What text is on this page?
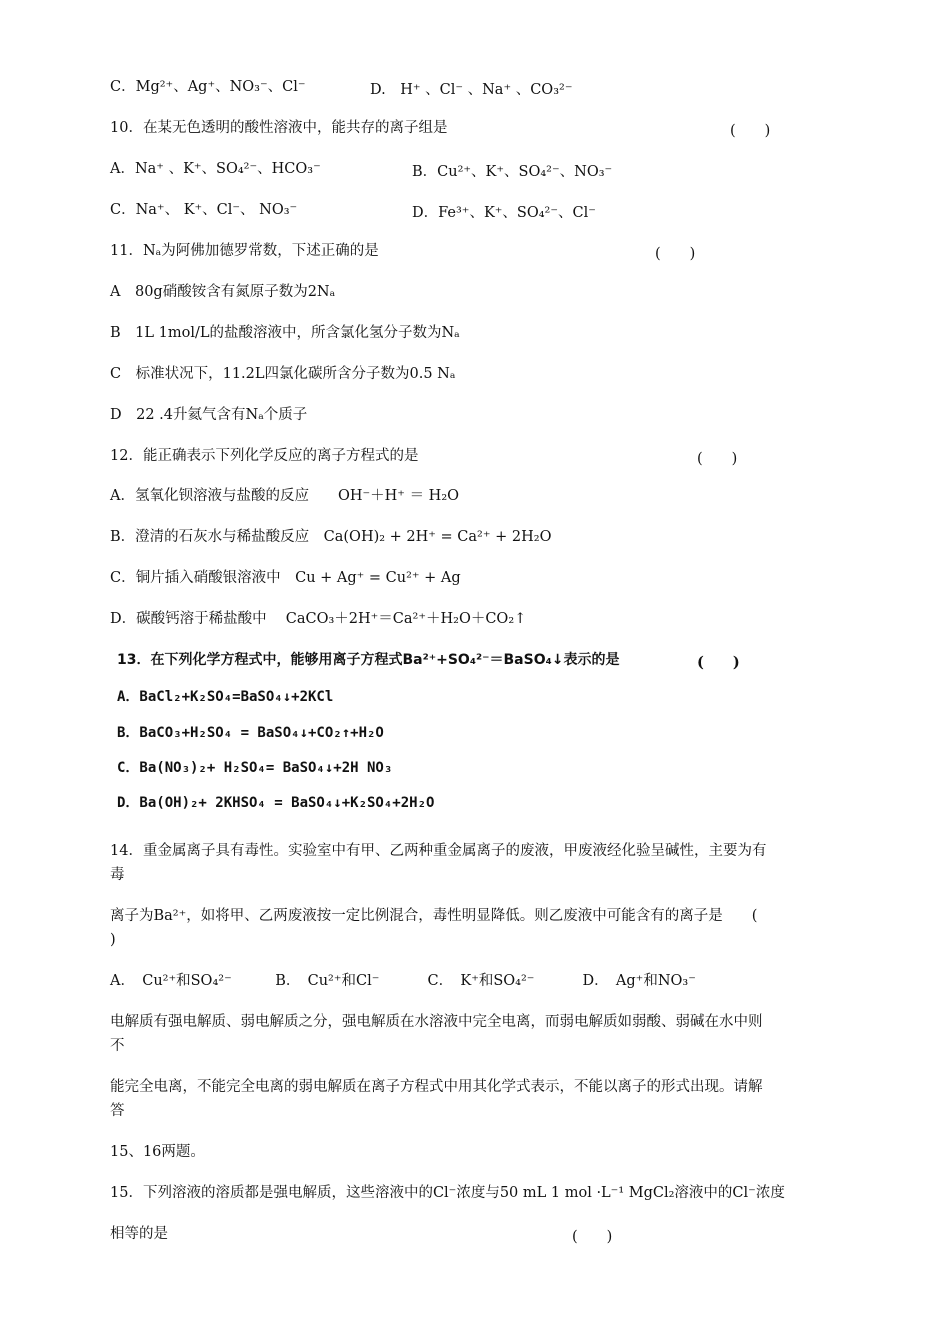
C．Mg²⁺、Ag⁺、NO₃⁻、Cl⁻	D.　H⁺ 、Cl⁻ 、Na⁺ 、CO₃²⁻
10．在某无色透明的酸性溶液中，能共存的离子组是	(　　)
A．Na⁺ 、K⁺、SO₄²⁻、HCO₃⁻	B．Cu²⁺、K⁺、SO₄²⁻、NO₃⁻
C．Na⁺、 K⁺、Cl⁻、 NO₃⁻	D．Fe³⁺、K⁺、SO₄²⁻、Cl⁻
11．Nₐ为阿佛加德罗常数，下述正确的是	(　　)
A　80g硝酸铵含有氮原子数为2Nₐ
B　1L 1mol/L的盐酸溶液中，所含氯化氢分子数为Nₐ
C　标准状况下，11.2L四氯化碳所含分子数为0.5 Nₐ
D　22 .4升氦气含有Nₐ个质子
12．能正确表示下列化学反应的离子方程式的是	(　　)
A．氢氧化钡溶液与盐酸的反应　　OH⁻＋H⁺ ＝ H₂O
B．澄清的石灰水与稀盐酸反应　Ca(OH)₂ + 2H⁺ = Ca²⁺ + 2H₂O
C．铜片插入硝酸银溶液中　Cu + Ag⁺ = Cu²⁺ + Ag
D．碳酸钙溶于稀盐酸中　 CaCO₃＋2H⁺＝Ca²⁺＋H₂O＋CO₂↑
13．在下列化学方程式中，能够用离子方程式Ba²⁺+SO₄²⁻＝BaSO₄↓表示的是	(　　)
A．BaCl₂+K₂SO₄=BaSO₄↓+2KCl
B．BaCO₃+H₂SO₄ = BaSO₄↓+CO₂↑+H₂O
C．Ba(NO₃)₂+ H₂SO₄= BaSO₄↓+2H NO₃
D．Ba(OH)₂+ 2KHSO₄ = BaSO₄↓+K₂SO₄+2H₂O
14．重金属离子具有毒性。实验室中有甲、乙两种重金属离子的废液，甲废液经化验呈碱性，主要为有
毒
离子为Ba²⁺，如将甲、乙两废液按一定比例混合，毒性明显降低。则乙废液中可能含有的离子是　　(
)
A．　Cu²⁺和SO₄²⁻　　　B．　Cu²⁺和Cl⁻　　　 C．　K⁺和SO₄²⁻　　　 D．　Ag⁺和NO₃⁻
电解质有强电解质、弱电解质之分，强电解质在水溶液中完全电离，而弱电解质如弱酸、弱碱在水中则
不
能完全电离，不能完全电离的弱电解质在离子方程式中用其化学式表示，不能以离子的形式出现。请解
答
15、16两题。
15．下列溶液的溶质都是强电解质，这些溶液中的Cl⁻浓度与50 mL 1 mol ·L⁻¹ MgCl₂溶液中的Cl⁻浓度
相等的是	(　　)
